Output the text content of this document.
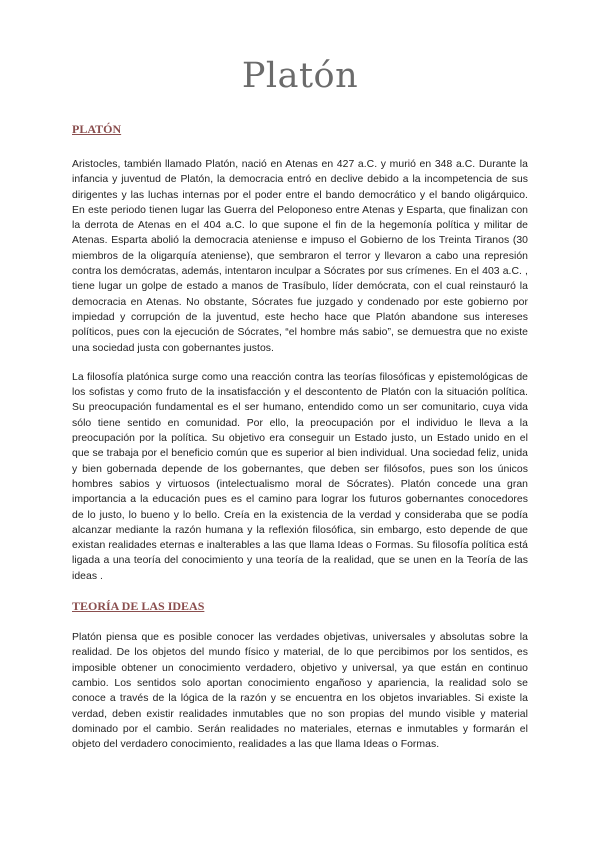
Platón
PLATÓN

Aristocles, también llamado Platón, nació en Atenas en 427 a.C. y murió en 348 a.C. Durante la infancia y juventud de Platón, la democracia entró en declive debido a la incompetencia de sus dirigentes y las luchas internas por el poder entre el bando democrático y el bando oligárquico. En este periodo tienen lugar las Guerra del Peloponeso entre Atenas y Esparta, que finalizan con la derrota de Atenas en el 404 a.C. lo que supone el fin de la hegemonía política y militar de Atenas. Esparta abolió la democracia ateniense e impuso el Gobierno de los Treinta Tiranos (30 miembros de la oligarquía ateniense), que sembraron el terror y llevaron a cabo una represión contra los demócratas, además, intentaron inculpar a Sócrates por sus crímenes. En el 403 a.C. , tiene lugar un golpe de estado a manos de Trasíbulo, líder demócrata, con el cual reinstauró la democracia en Atenas. No obstante, Sócrates fue juzgado y condenado por este gobierno por impiedad y corrupción de la juventud, este hecho hace que Platón abandone sus intereses políticos, pues con la ejecución de Sócrates, “el hombre más sabio”, se demuestra que no existe una sociedad justa con gobernantes justos.

La filosofía platónica surge como una reacción contra las teorías filosóficas y epistemológicas de los sofistas y como fruto de la insatisfacción y el descontento de Platón con la situación política. Su preocupación fundamental es el ser humano, entendido como un ser comunitario, cuya vida sólo tiene sentido en comunidad. Por ello, la preocupación por el individuo le lleva a la preocupación por la política. Su objetivo era conseguir un Estado justo, un Estado unido en el que se trabaja por el beneficio común que es superior al bien individual. Una sociedad feliz, unida y bien gobernada depende de los gobernantes, que deben ser filósofos, pues son los únicos hombres sabios y virtuosos (intelectualismo moral de Sócrates). Platón concede una gran importancia a la educación pues es el camino para lograr los futuros gobernantes conocedores de lo justo, lo bueno y lo bello. Creía en la existencia de la verdad y consideraba que se podía alcanzar mediante la razón humana y la reflexión filosófica, sin embargo, esto depende de que existan realidades eternas e inalterables a las que llama Ideas o Formas. Su filosofía política está ligada a una teoría del conocimiento y una teoría de la realidad, que se unen en la Teoría de las ideas .

TEORÍA DE LAS IDEAS

Platón piensa que es posible conocer las verdades objetivas, universales y absolutas sobre la realidad. De los objetos del mundo físico y material, de lo que percibimos por los sentidos, es imposible obtener un conocimiento verdadero, objetivo y universal, ya que están en continuo cambio. Los sentidos solo aportan conocimiento engañoso y apariencia, la realidad solo se conoce a través de la lógica de la razón y se encuentra en los objetos invariables. Si existe la verdad, deben existir realidades inmutables que no son propias del mundo visible y material dominado por el cambio. Serán realidades no materiales, eternas e inmutables y formarán el objeto del verdadero conocimiento, realidades a las que llama Ideas o Formas.
